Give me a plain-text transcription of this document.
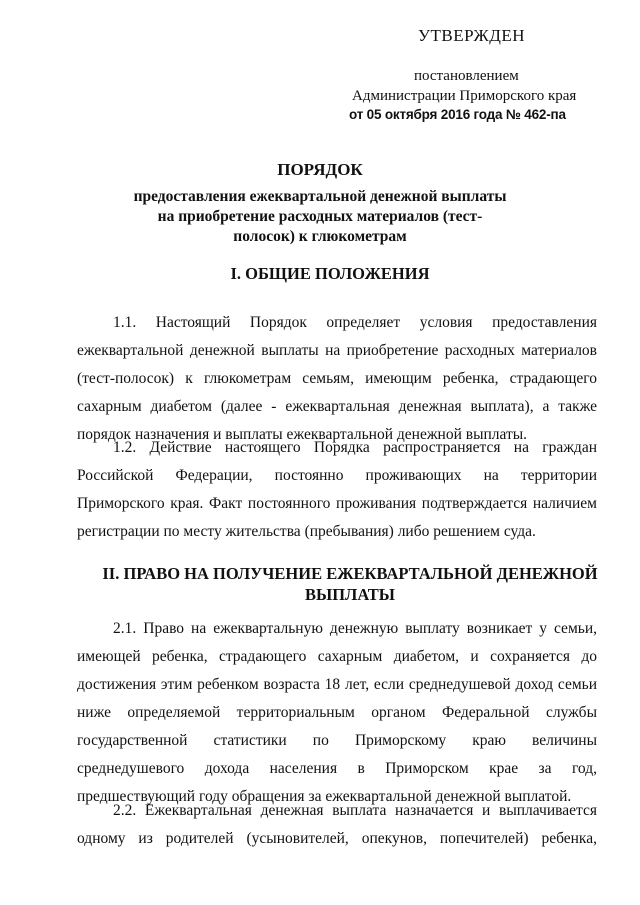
УТВЕРЖДЕН
постановлением
Администрации Приморского края
от 05 октября 2016 года № 462-па
ПОРЯДОК
предоставления ежеквартальной денежной выплаты на приобретение расходных материалов (тест-полосок) к глюкометрам
I. ОБЩИЕ ПОЛОЖЕНИЯ
1.1. Настоящий Порядок определяет условия предоставления ежеквартальной денежной выплаты на приобретение расходных материалов (тест-полосок) к глюкометрам семьям, имеющим ребенка, страдающего сахарным диабетом (далее - ежеквартальная денежная выплата), а также порядок назначения и выплаты ежеквартальной денежной выплаты.
1.2. Действие настоящего Порядка распространяется на граждан Российской Федерации, постоянно проживающих на территории Приморского края. Факт постоянного проживания подтверждается наличием регистрации по месту жительства (пребывания) либо решением суда.
II. ПРАВО НА ПОЛУЧЕНИЕ ЕЖЕКВАРТАЛЬНОЙ ДЕНЕЖНОЙ ВЫПЛАТЫ
2.1. Право на ежеквартальную денежную выплату возникает у семьи, имеющей ребенка, страдающего сахарным диабетом, и сохраняется до достижения этим ребенком возраста 18 лет, если среднедушевой доход семьи ниже определяемой территориальным органом Федеральной службы государственной статистики по Приморскому краю величины среднедушевого дохода населения в Приморском крае за год, предшествующий году обращения за ежеквартальной денежной выплатой.
2.2. Ежеквартальная денежная выплата назначается и выплачивается одному из родителей (усыновителей, опекунов, попечителей) ребенка,
